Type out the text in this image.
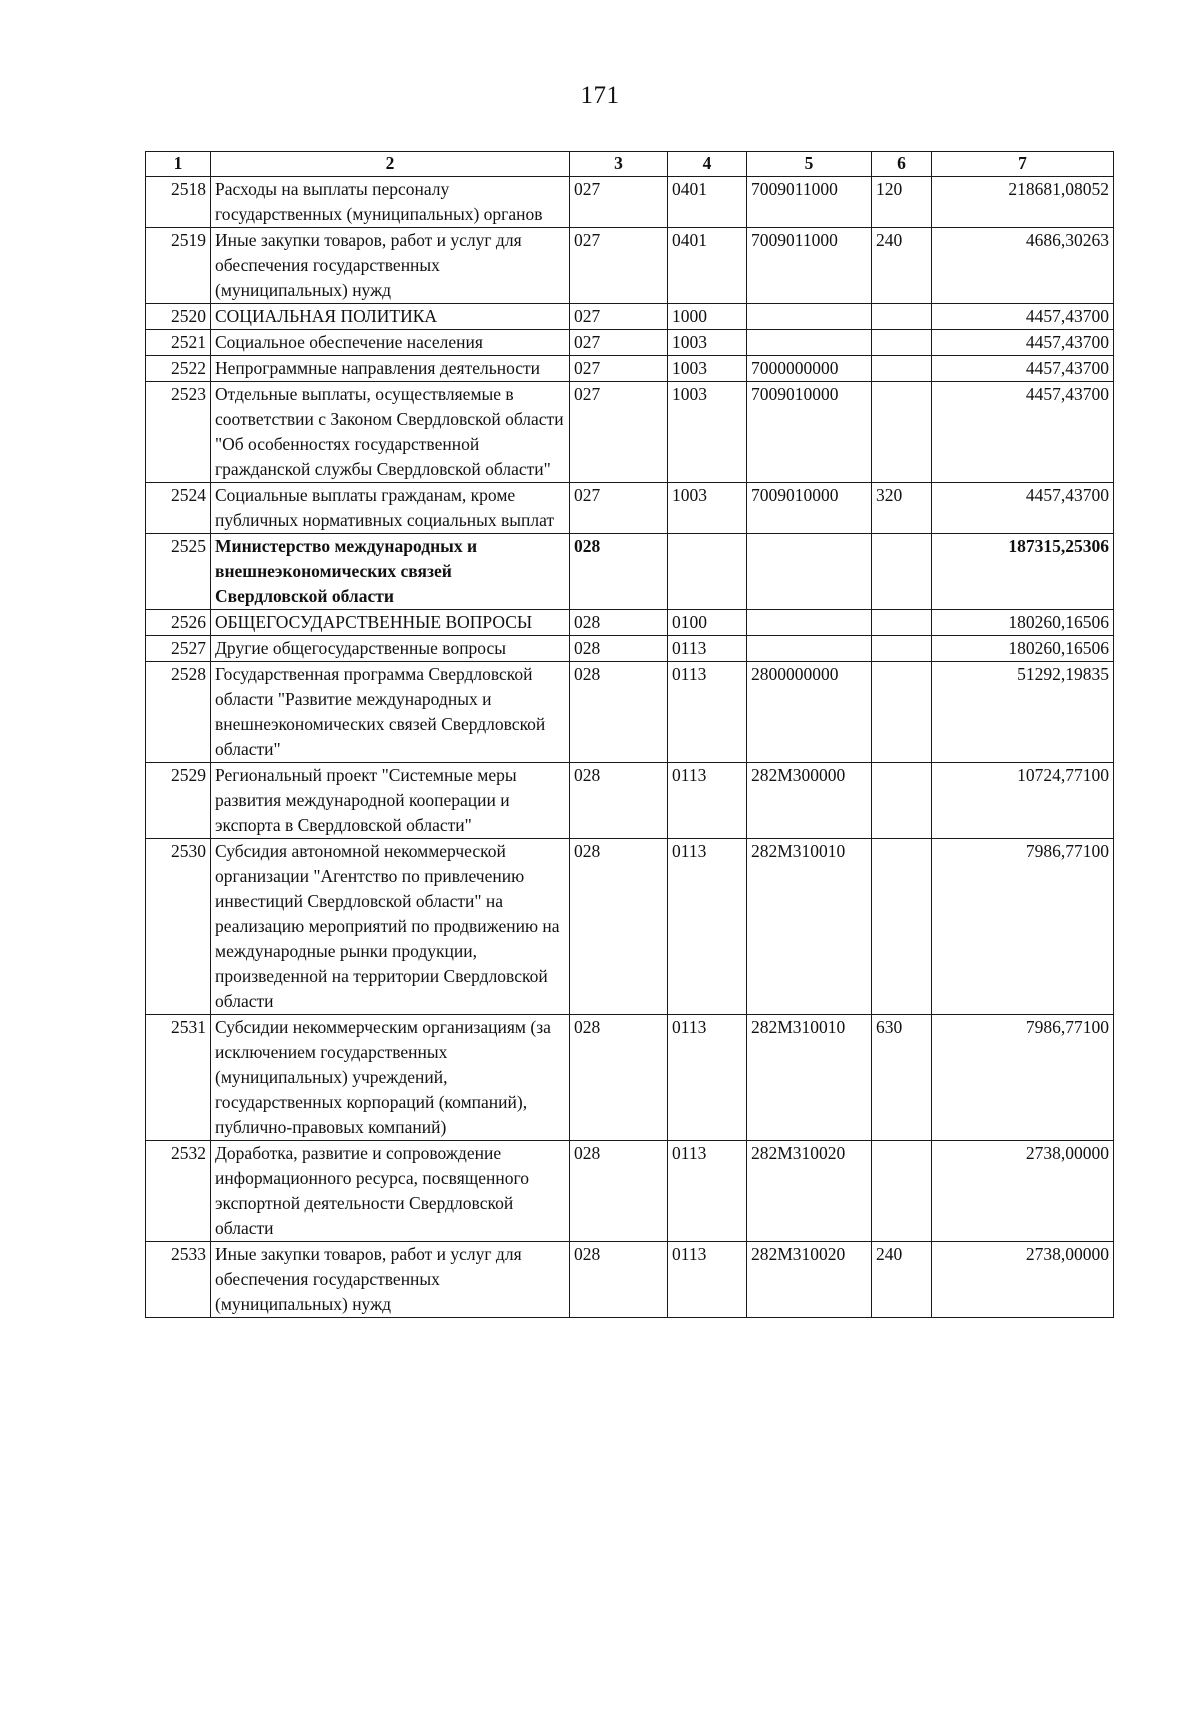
171
1	2	3	4	5	6	7
2518	Расходы на выплаты персоналу государственных (муниципальных) органов	027	0401	7009011000	120	218681,08052
2519	Иные закупки товаров, работ и услуг для обеспечения государственных (муниципальных) нужд	027	0401	7009011000	240	4686,30263
2520	СОЦИАЛЬНАЯ ПОЛИТИКА	027	1000			4457,43700
2521	Социальное обеспечение населения	027	1003			4457,43700
2522	Непрограммные направления деятельности	027	1003	7000000000		4457,43700
2523	Отдельные выплаты, осуществляемые в соответствии с Законом Свердловской области "Об особенностях государственной гражданской службы Свердловской области"	027	1003	7009010000		4457,43700
2524	Социальные выплаты гражданам, кроме публичных нормативных социальных выплат	027	1003	7009010000	320	4457,43700
2525	Министерство международных и внешнеэкономических связей Свердловской области	028				187315,25306
2526	ОБЩЕГОСУДАРСТВЕННЫЕ ВОПРОСЫ	028	0100			180260,16506
2527	Другие общегосударственные вопросы	028	0113			180260,16506
2528	Государственная программа Свердловской области "Развитие международных и внешнеэкономических связей Свердловской области"	028	0113	2800000000		51292,19835
2529	Региональный проект "Системные меры развития международной кооперации и экспорта в Свердловской области"	028	0113	282М300000		10724,77100
2530	Субсидия автономной некоммерческой организации "Агентство по привлечению инвестиций Свердловской области" на реализацию мероприятий по продвижению на международные рынки продукции, произведенной на территории Свердловской области	028	0113	282М310010		7986,77100
2531	Субсидии некоммерческим организациям (за исключением государственных (муниципальных) учреждений, государственных корпораций (компаний), публично-правовых компаний)	028	0113	282М310010	630	7986,77100
2532	Доработка, развитие и сопровождение информационного ресурса, посвященного экспортной деятельности Свердловской области	028	0113	282М310020		2738,00000
2533	Иные закупки товаров, работ и услуг для обеспечения государственных (муниципальных) нужд	028	0113	282М310020	240	2738,00000
